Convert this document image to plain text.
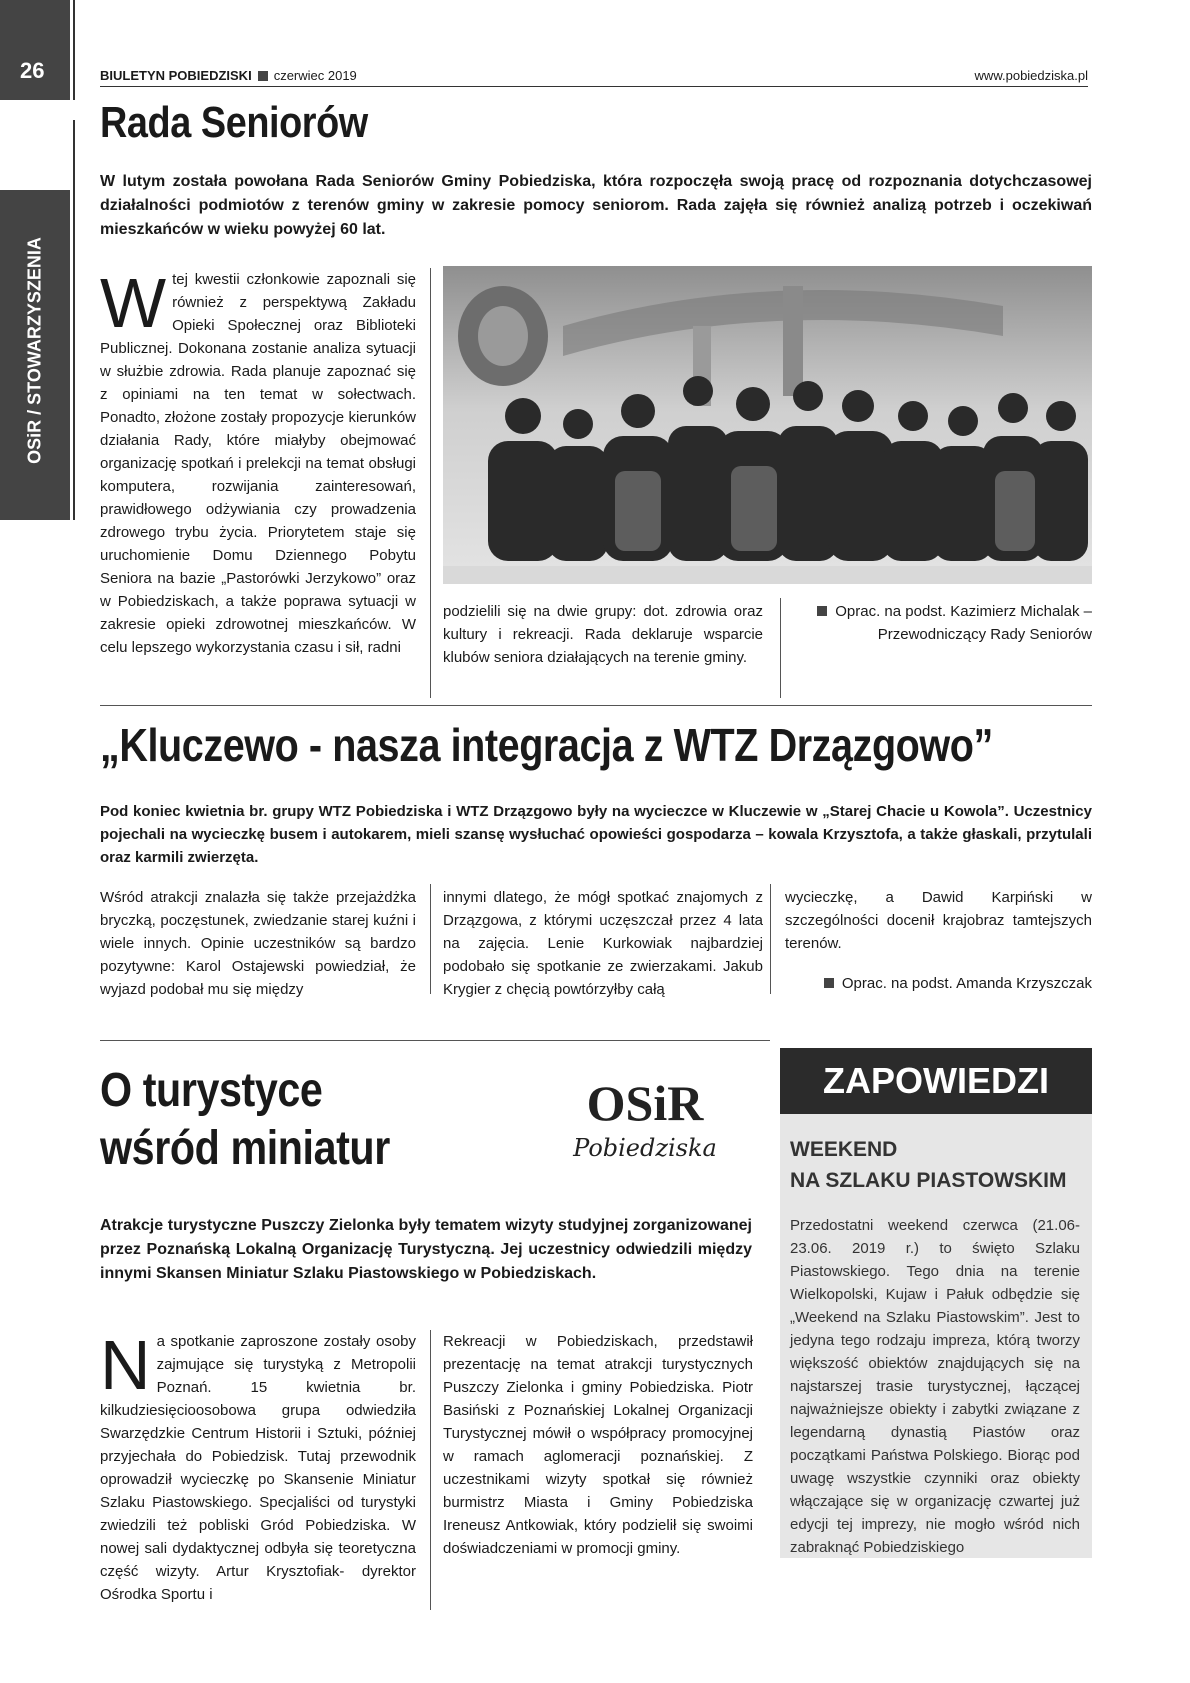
26
OSiR / STOWARZYSZENIA
BIULETYN POBIEDZISKI czerwiec 2019	www.pobiedziska.pl
Rada Seniorów
W lutym została powołana Rada Seniorów Gminy Pobiedziska, która rozpoczęła swoją pracę od rozpoznania dotychczasowej działalności podmiotów z terenów gminy w zakresie pomocy seniorom. Rada zajęła się również analizą potrzeb i oczekiwań mieszkańców w wieku powyżej 60 lat.
W tej kwestii członkowie zapoznali się również z perspektywą Zakładu Opieki Społecznej oraz Biblioteki Publicznej. Dokonana zostanie analiza sytuacji w służbie zdrowia. Rada planuje zapoznać się z opiniami na ten temat w sołectwach. Ponadto, złożone zostały propozycje kierunków działania Rady, które miałyby obejmować organizację spotkań i prelekcji na temat obsługi komputera, rozwijania zainteresowań, prawidłowego odżywiania czy prowadzenia zdrowego trybu życia. Priorytetem staje się uruchomienie Domu Dziennego Pobytu Seniora na bazie „Pastorówki Jerzykowo” oraz w Pobiedziskach, a także poprawa sytuacji w zakresie opieki zdrowotnej mieszkańców. W celu lepszego wykorzystania czasu i sił, radni
podzielili się na dwie grupy: dot. zdrowia oraz kultury i rekreacji. Rada deklaruje wsparcie klubów seniora działających na terenie gminy.
Oprac. na podst. Kazimierz Michalak –
Przewodniczący Rady Seniorów
„Kluczewo - nasza integracja z WTZ Drzązgowo”
Pod koniec kwietnia br. grupy WTZ Pobiedziska i WTZ Drzązgowo były na wycieczce w Kluczewie w „Starej Chacie u Kowola”. Uczestnicy pojechali na wycieczkę busem i autokarem, mieli szansę wysłuchać opowieści gospodarza – kowala Krzysztofa, a także głaskali, przytulali oraz karmili zwierzęta.
Wśród atrakcji znalazła się także przejażdżka bryczką, poczęstunek, zwiedzanie starej kuźni i wiele innych. Opinie uczestników są bardzo pozytywne: Karol Ostajewski powiedział, że wyjazd podobał mu się między
innymi dlatego, że mógł spotkać znajomych z Drzązgowa, z którymi uczęszczał przez 4 lata na zajęcia. Lenie Kurkowiak najbardziej podobało się spotkanie ze zwierzakami. Jakub Krygier z chęcią powtórzyłby całą
wycieczkę, a Dawid Karpiński w szczególności docenił krajobraz tamtejszych terenów.
Oprac. na podst. Amanda Krzyszczak
O turystyce
wśród miniatur
OSiR
Pobiedziska
Atrakcje turystyczne Puszczy Zielonka były tematem wizyty studyjnej zorganizowanej przez Poznańską Lokalną Organizację Turystyczną. Jej uczestnicy odwiedzili między innymi Skansen Miniatur Szlaku Piastowskiego w Pobiedziskach.
N a spotkanie zaproszone zostały osoby zajmujące się turystyką z Metropolii Poznań. 15 kwietnia br. kilkudziesięcioosobowa grupa odwiedziła Swarzędzkie Centrum Historii i Sztuki, później przyjechała do Pobiedzisk. Tutaj przewodnik oprowadził wycieczkę po Skansenie Miniatur Szlaku Piastowskiego. Specjaliści od turystyki zwiedzili też pobliski Gród Pobiedziska. W nowej sali dydaktycznej odbyła się teoretyczna część wizyty. Artur Krysztofiak- dyrektor Ośrodka Sportu i
Rekreacji w Pobiedziskach, przedstawił prezentację na temat atrakcji turystycznych Puszczy Zielonka i gminy Pobiedziska. Piotr Basiński z Poznańskiej Lokalnej Organizacji Turystycznej mówił o współpracy promocyjnej w ramach aglomeracji poznańskiej. Z uczestnikami wizyty spotkał się również burmistrz Miasta i Gminy Pobiedziska Ireneusz Antkowiak, który podzielił się swoimi doświadczeniami w promocji gminy.
ZAPOWIEDZI
WEEKEND
NA SZLAKU PIASTOWSKIM
Przedostatni weekend czerwca (21.06-23.06. 2019 r.) to święto Szlaku Piastowskiego. Tego dnia na terenie Wielkopolski, Kujaw i Pałuk odbędzie się „Weekend na Szlaku Piastowskim”. Jest to jedyna tego rodzaju impreza, którą tworzy większość obiektów znajdujących się na najstarszej trasie turystycznej, łączącej najważniejsze obiekty i zabytki związane z legendarną dynastią Piastów oraz początkami Państwa Polskiego. Biorąc pod uwagę wszystkie czynniki oraz obiekty włączające się w organizację czwartej już edycji tej imprezy, nie mogło wśród nich zabraknąć Pobiedziskiego
